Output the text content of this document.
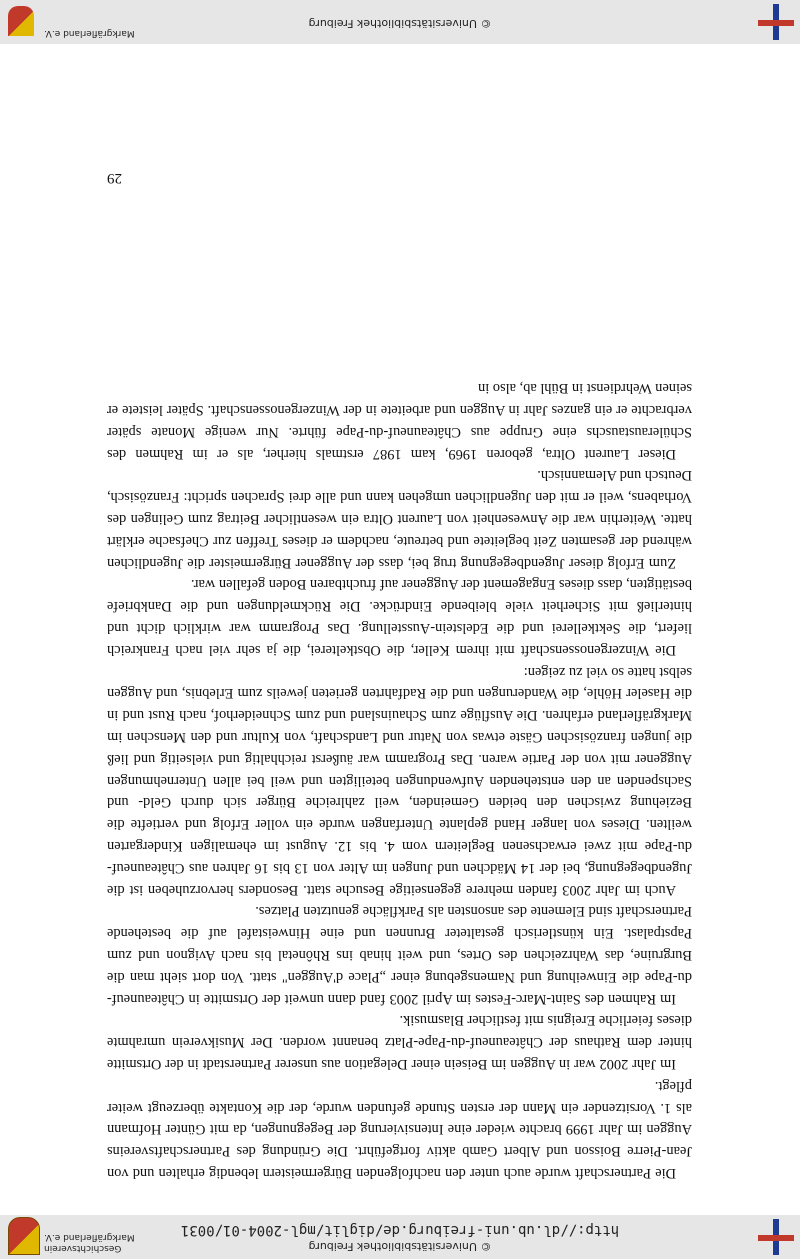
© Universitätsbibliothek Freiburg
http://dl.ub.uni-freiburg.de/diglit/mgl-2004-01/0031
Geschichtsverein Markgräflerland e.V.

Die Partnerschaft wurde auch unter den nachfolgenden Bürgermeistern lebendig erhalten und von Jean-Pierre Boisson und Albert Gamb aktiv fortgeführt. Die Gründung des Partnerschaftsvereins Auggen im Jahr 1999 brachte wieder eine Intensivierung der Begegnungen, da mit Günter Hofmann als 1. Vorsitzender ein Mann der ersten Stunde gefunden wurde, der die Kontakte überzeugt weiter pflegt.

Im Jahr 2002 war in Auggen im Beisein einer Delegation aus unserer Partnerstadt in der Ortsmitte hinter dem Rathaus der Châteauneuf-du-Pape-Platz benannt worden. Der Musikverein umrahmte dieses feierliche Ereignis mit festlicher Blasmusik.

Im Rahmen des Saint-Marc-Festes im April 2003 fand dann unweit der Ortsmitte in Châteauneuf-du-Pape die Einweihung und Namensgebung einer „Place d'Auggen" statt. Von dort sieht man die Burgruine, das Wahrzeichen des Ortes, und weit hinab ins Rhônetal bis nach Avignon und zum Papstpalast. Ein künstlerisch gestalteter Brunnen und eine Hinweistafel auf die bestehende Partnerschaft sind Elemente des ansonsten als Parkfläche genutzten Platzes.

Auch im Jahr 2003 fanden mehrere gegenseitige Besuche statt. Besonders hervorzuheben ist die Jugendbegegnung, bei der 14 Mädchen und Jungen im Alter von 13 bis 16 Jahren aus Châteauneuf-du-Pape mit zwei erwachsenen Begleitern vom 4. bis 12. August im ehemaligen Kindergarten weilten. Dieses von langer Hand geplante Unterfangen wurde ein voller Erfolg und vertiefte die Beziehung zwischen den beiden Gemeinden, weil zahlreiche Bürger sich durch Geld- und Sachspenden an den entstehenden Aufwendungen beteiligten und weil bei allen Unternehmungen Auggener mit von der Partie waren. Das Programm war äußerst reichhaltig und vielseitig und ließ die jungen französischen Gäste etwas von Natur und Landschaft, von Kultur und den Menschen im Markgräflerland erfahren. Die Ausflüge zum Schauinsland und zum Schneiderhof, nach Rust und in die Haseler Höhle, die Wanderungen und die Radfahrten gerieten jeweils zum Erlebnis, und Auggen selbst hatte so viel zu zeigen:

Die Winzergenossenschaft mit ihrem Keller, die Obstkelterei, die ja sehr viel nach Frankreich liefert, die Sektkellerei und die Edelstein-Ausstellung. Das Programm war wirklich dicht und hinterließ mit Sicherheit viele bleibende Eindrücke. Die Rückmeldungen und die Dankbriefe bestätigten, dass dieses Engagement der Auggener auf fruchtbaren Boden gefallen war.

Zum Erfolg dieser Jugendbegegnung trug bei, dass der Auggener Bürgermeister die Jugendlichen während der gesamten Zeit begleitete und betreute, nachdem er dieses Treffen zur Chefsache erklärt hatte. Weiterhin war die Anwesenheit von Laurent Oltra ein wesentlicher Beitrag zum Gelingen des Vorhabens, weil er mit den Jugendlichen umgehen kann und alle drei Sprachen spricht: Französisch, Deutsch und Alemannisch.

Dieser Laurent Oltra, geboren 1969, kam 1987 erstmals hierher, als er im Rahmen des Schüleraustauschs eine Gruppe aus Châteauneuf-du-Pape führte. Nur wenige Monate später verbrachte er ein ganzes Jahr in Auggen und arbeitete in der Winzergenossenschaft. Später leistete er seinen Wehrdienst in Bühl ab, also in

29
© Universitätsbibliothek Freiburg
Markgräflerland e.V.
